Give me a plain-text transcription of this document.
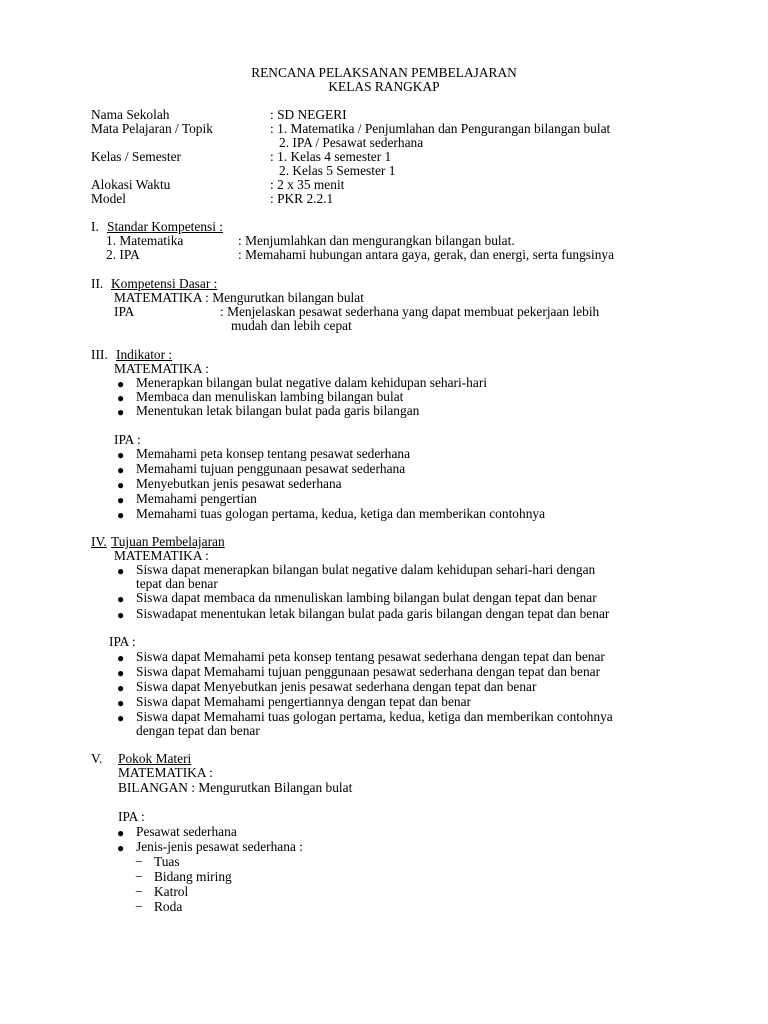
RENCANA PELAKSANAN PEMBELAJARAN
KELAS RANGKAP
Nama Sekolah	: SD NEGERI
Mata Pelajaran / Topik	: 1. Matematika / Penjumlahan dan Pengurangan bilangan bulat
2. IPA / Pesawat sederhana
Kelas / Semester	: 1. Kelas 4 semester 1
2. Kelas 5 Semester 1
Alokasi Waktu	: 2 x 35 menit
Model	: PKR 2.2.1
I. Standar Kompetensi :
1. Matematika	: Menjumlahkan dan mengurangkan bilangan bulat.
2. IPA	: Memahami hubungan antara gaya, gerak, dan energi, serta fungsinya
II. Kompetensi Dasar :
MATEMATIKA : Mengurutkan bilangan bulat
IPA	: Menjelaskan pesawat sederhana yang dapat membuat pekerjaan lebih
mudah dan lebih cepat
III. Indikator :
MATEMATIKA :
● Menerapkan bilangan bulat negative dalam kehidupan sehari-hari
● Membaca dan menuliskan lambing bilangan bulat
● Menentukan letak bilangan bulat pada garis bilangan
IPA :
● Memahami peta konsep tentang pesawat sederhana
● Memahami tujuan penggunaan pesawat sederhana
● Menyebutkan jenis pesawat sederhana
● Memahami pengertian
● Memahami tuas gologan pertama, kedua, ketiga dan memberikan contohnya
IV. Tujuan Pembelajaran
MATEMATIKA :
● Siswa dapat menerapkan bilangan bulat negative dalam kehidupan sehari-hari dengan
tepat dan benar
● Siswa dapat membaca da nmenuliskan lambing bilangan bulat dengan tepat dan benar
● Siswadapat menentukan letak bilangan bulat pada garis bilangan dengan tepat dan benar
IPA :
● Siswa dapat Memahami peta konsep tentang pesawat sederhana dengan tepat dan benar
● Siswa dapat Memahami tujuan penggunaan pesawat sederhana dengan tepat dan benar
● Siswa dapat Menyebutkan jenis pesawat sederhana dengan tepat dan benar
● Siswa dapat Memahami pengertiannya dengan tepat dan benar
● Siswa dapat Memahami tuas gologan pertama, kedua, ketiga dan memberikan contohnya
dengan tepat dan benar
V. Pokok Materi
MATEMATIKA :
BILANGAN : Mengurutkan Bilangan bulat
IPA :
● Pesawat sederhana
● Jenis-jenis pesawat sederhana :
− Tuas
− Bidang miring
− Katrol
− Roda
